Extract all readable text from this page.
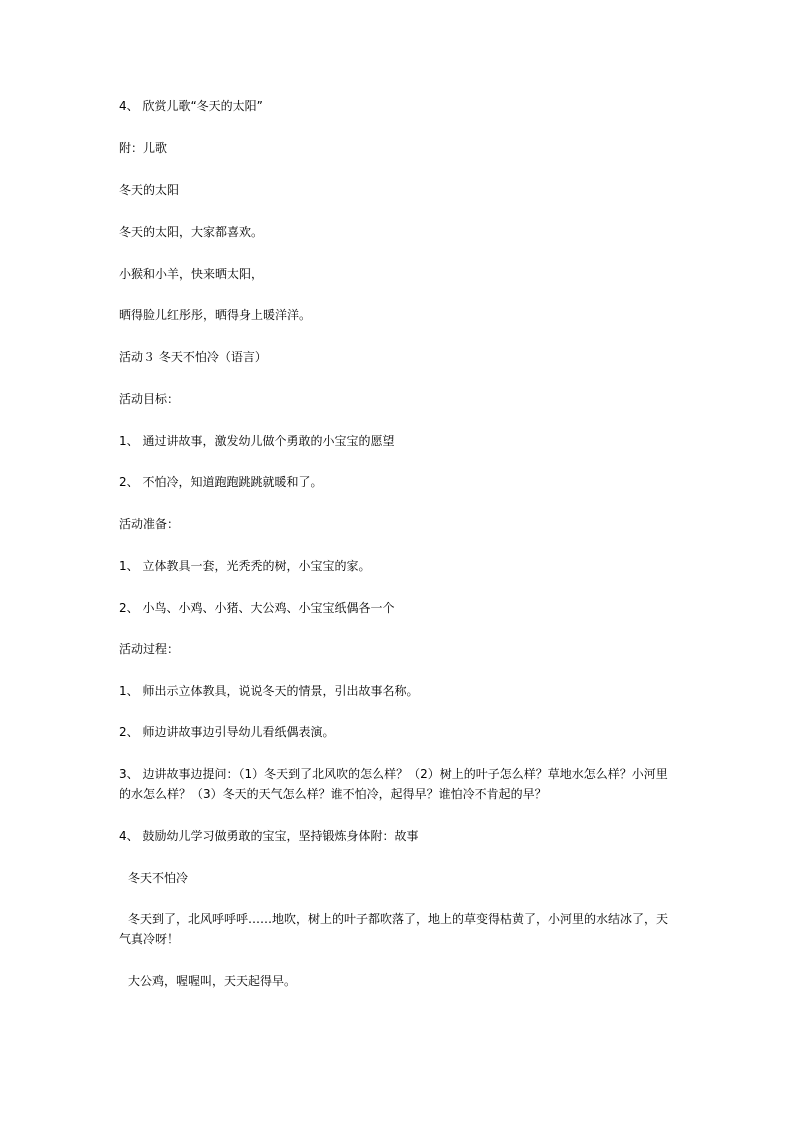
4、 欣赏儿歌“冬天的太阳”
附：儿歌
冬天的太阳
冬天的太阳，大家都喜欢。
小猴和小羊，快来晒太阳，
晒得脸儿红彤彤，晒得身上暖洋洋。
活动３ 冬天不怕冷（语言）
活动目标：
1、 通过讲故事，激发幼儿做个勇敢的小宝宝的愿望
2、 不怕冷，知道跑跑跳跳就暖和了。
活动准备：
1、 立体教具一套，光秃秃的树，小宝宝的家。
2、 小鸟、小鸡、小猪、大公鸡、小宝宝纸偶各一个
活动过程：
1、 师出示立体教具，说说冬天的情景，引出故事名称。
2、 师边讲故事边引导幼儿看纸偶表演。
3、 边讲故事边提问：（1）冬天到了北风吹的怎么样？（2）树上的叶子怎么样？草地水怎么样？小河里的水怎么样？（3）冬天的天气怎么样？谁不怕冷，起得早？谁怕冷不肯起的早？
4、 鼓励幼儿学习做勇敢的宝宝，坚持锻炼身体附：故事
冬天不怕冷
冬天到了，北风呼呼呼……地吹，树上的叶子都吹落了，地上的草变得枯黄了，小河里的水结冰了，天气真冷呀！
大公鸡，喔喔叫，天天起得早。
